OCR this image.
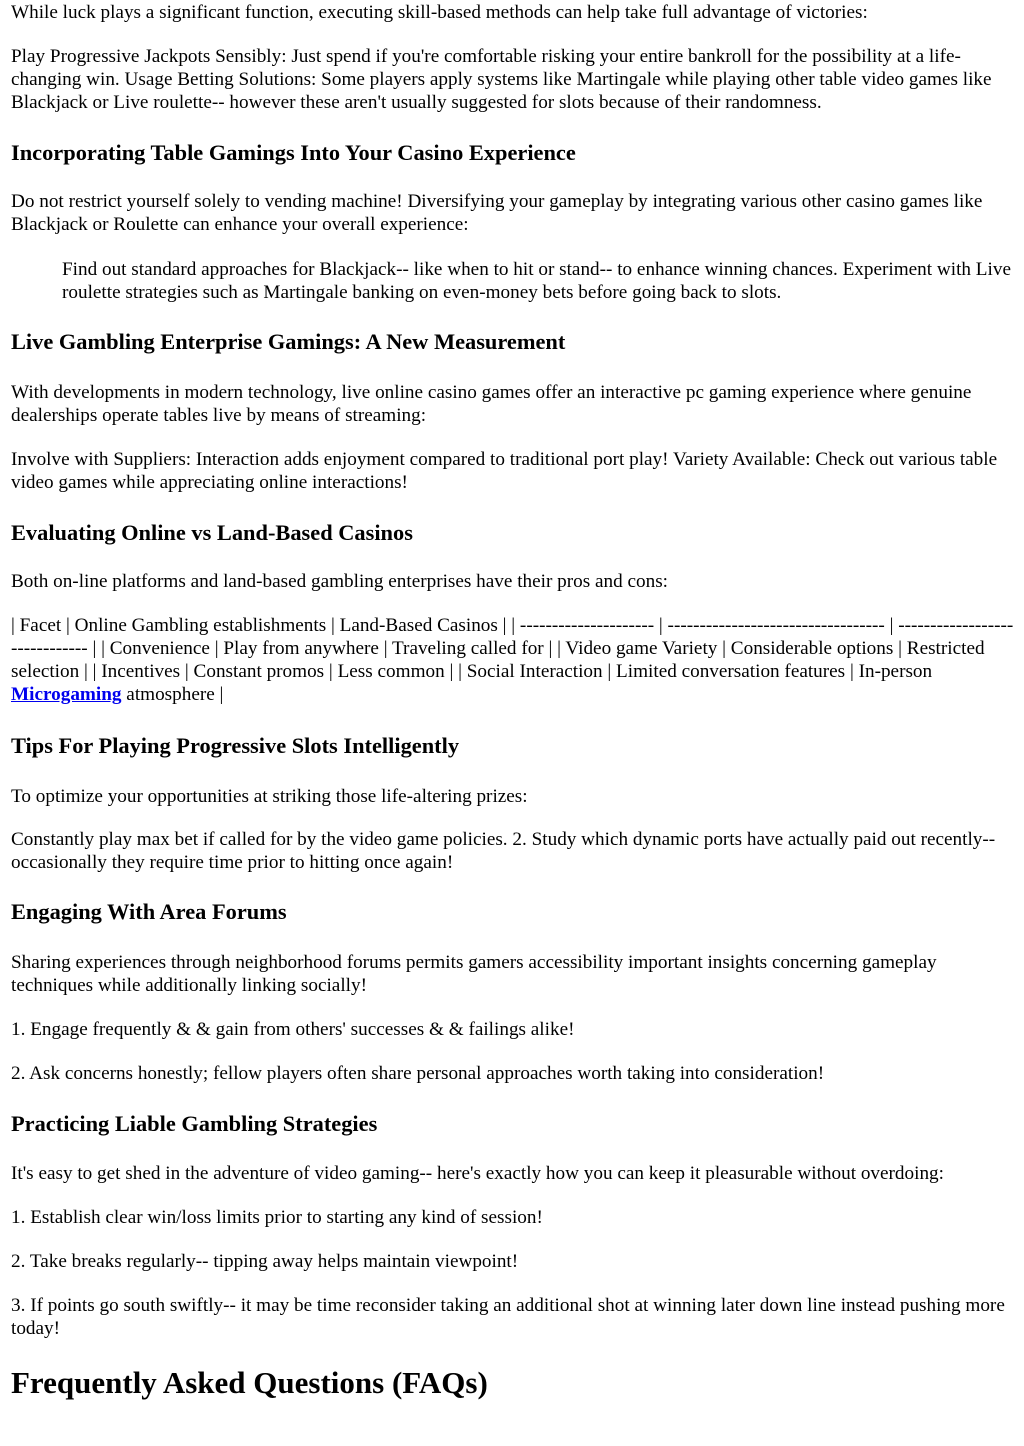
While luck plays a significant function, executing skill-based methods can help take full advantage of victories:

Play Progressive Jackpots Sensibly: Just spend if you're comfortable risking your entire bankroll for the possibility at a life-changing win. Usage Betting Solutions: Some players apply systems like Martingale while playing other table video games like Blackjack or Live roulette-- however these aren't usually suggested for slots because of their randomness.

Incorporating Table Gamings Into Your Casino Experience

Do not restrict yourself solely to vending machine! Diversifying your gameplay by integrating various other casino games like Blackjack or Roulette can enhance your overall experience:

Find out standard approaches for Blackjack-- like when to hit or stand-- to enhance winning chances. Experiment with Live roulette strategies such as Martingale banking on even-money bets before going back to slots.
Live Gambling Enterprise Gamings: A New Measurement

With developments in modern technology, live online casino games offer an interactive pc gaming experience where genuine dealerships operate tables live by means of streaming:

Involve with Suppliers: Interaction adds enjoyment compared to traditional port play! Variety Available: Check out various table video games while appreciating online interactions!

Evaluating Online vs Land-Based Casinos

Both on-line platforms and land-based gambling enterprises have their pros and cons:

| Facet | Online Gambling establishments | Land-Based Casinos | | --------------------- | ---------------------------------- | ------------------------------ | | Convenience | Play from anywhere | Traveling called for | | Video game Variety | Considerable options | Restricted selection | | Incentives | Constant promos | Less common | | Social Interaction | Limited conversation features | In-person Microgaming atmosphere |

Tips For Playing Progressive Slots Intelligently

To optimize your opportunities at striking those life-altering prizes:

Constantly play max bet if called for by the video game policies. 2. Study which dynamic ports have actually paid out recently-- occasionally they require time prior to hitting once again!

Engaging With Area Forums

Sharing experiences through neighborhood forums permits gamers accessibility important insights concerning gameplay techniques while additionally linking socially!

1. Engage frequently & & gain from others' successes & & failings alike!

2. Ask concerns honestly; fellow players often share personal approaches worth taking into consideration!

Practicing Liable Gambling Strategies

It's easy to get shed in the adventure of video gaming-- here's exactly how you can keep it pleasurable without overdoing:

1. Establish clear win/loss limits prior to starting any kind of session!

2. Take breaks regularly-- tipping away helps maintain viewpoint!

3. If points go south swiftly-- it may be time reconsider taking an additional shot at winning later down line instead pushing more today!

Frequently Asked Questions (FAQs)
